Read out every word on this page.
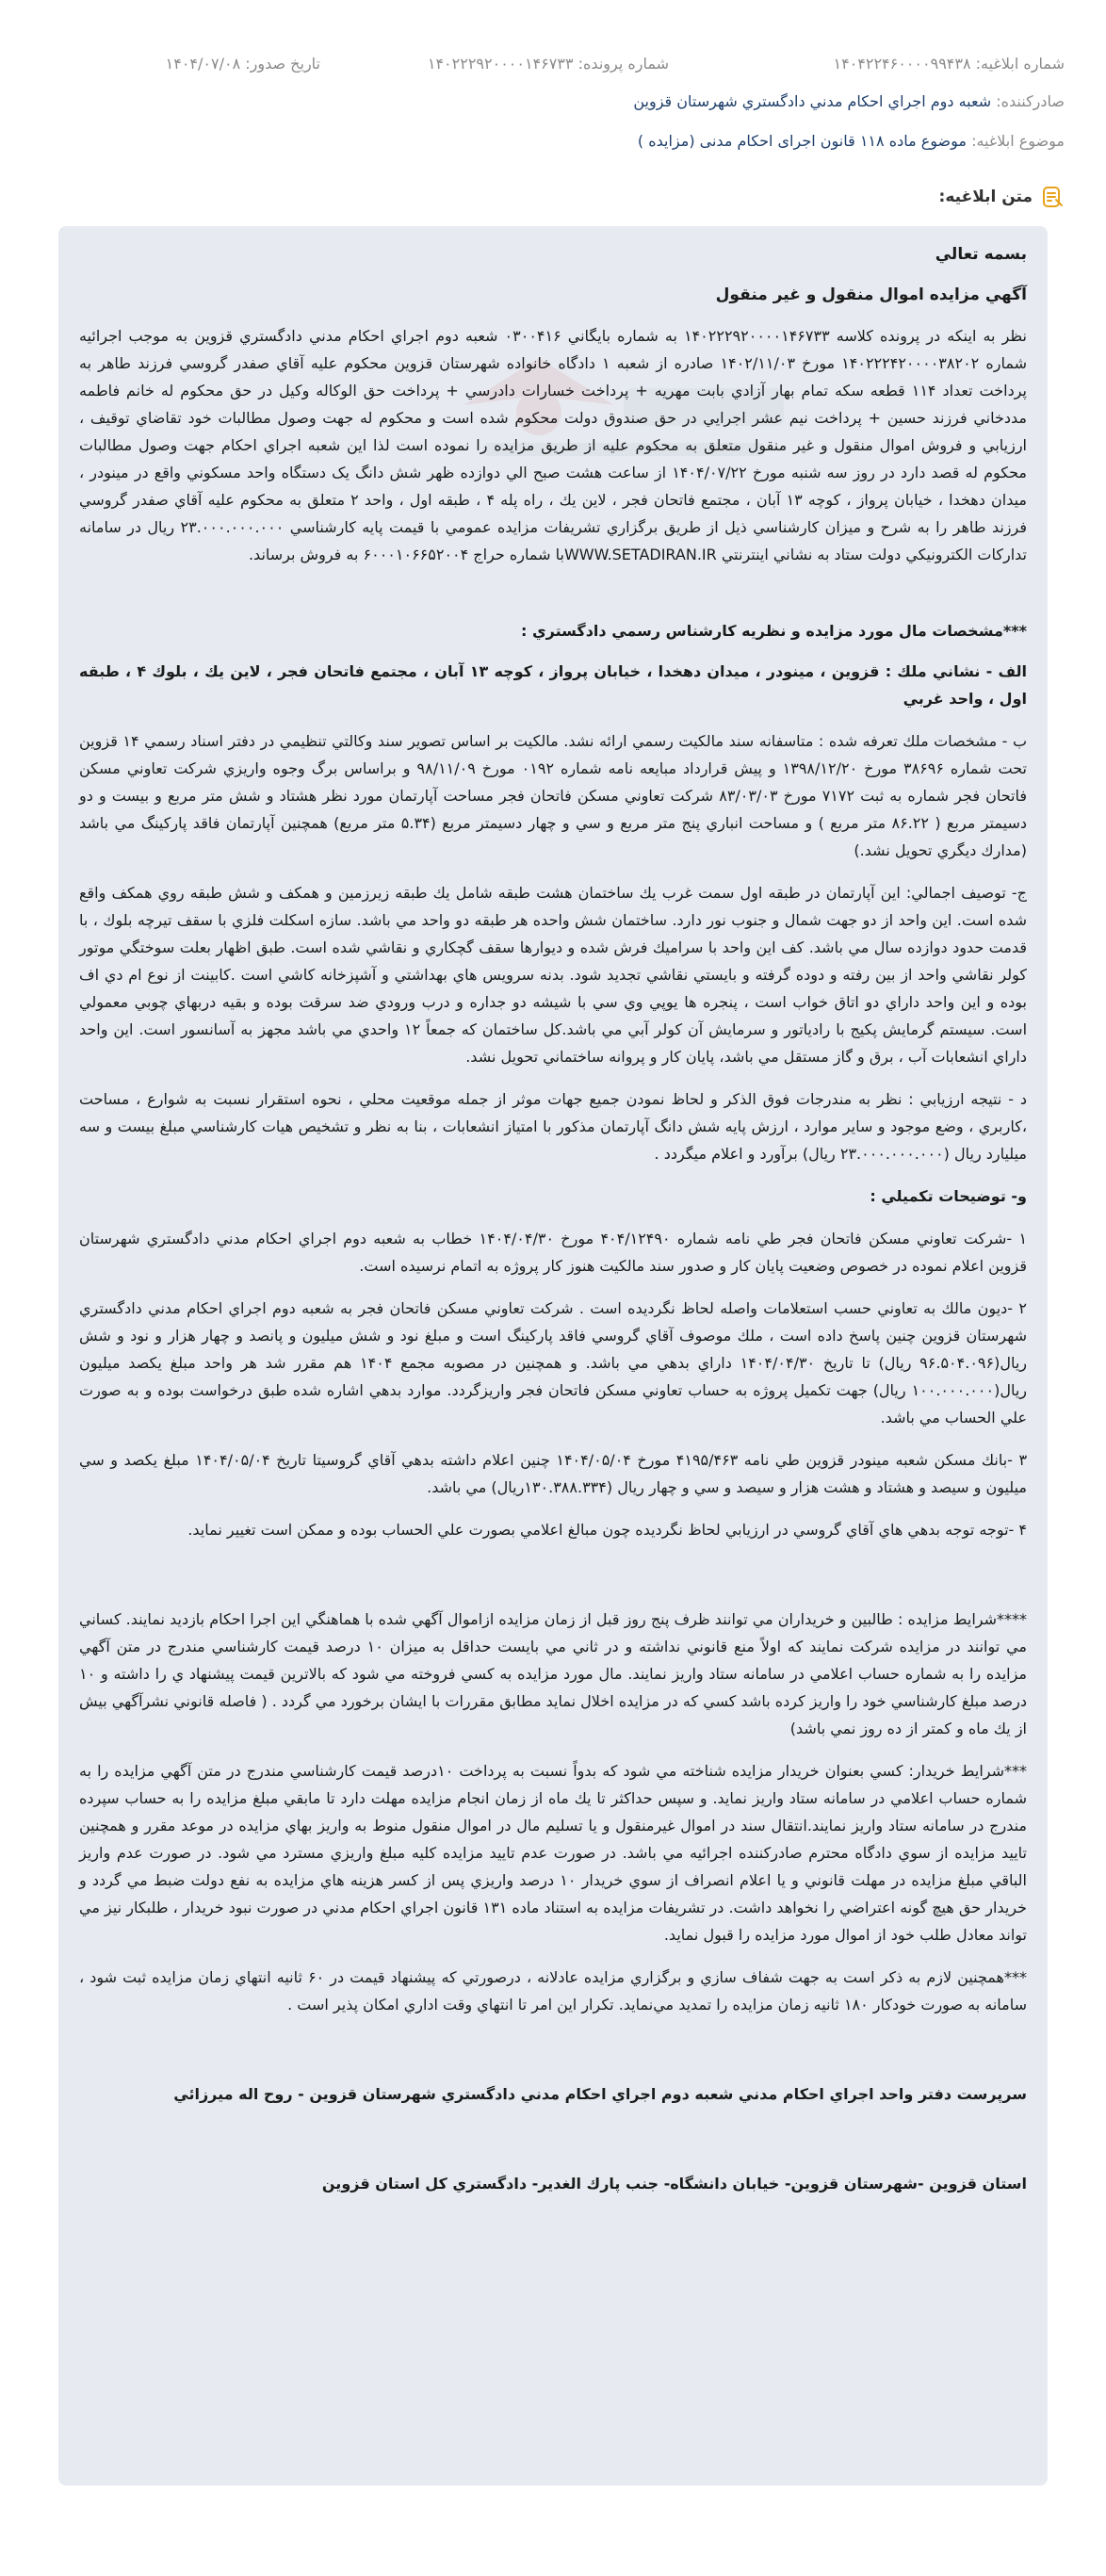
شماره ابلاغیه: ۱۴۰۴۲۲۴۶۰۰۰۰۹۹۴۳۸
شماره پرونده: ۱۴۰۲۲۲۹۲۰۰۰۰۱۴۶۷۳۳
تاریخ صدور: ۱۴۰۴/۰۷/۰۸
صادرکننده: شعبه دوم اجراي احكام مدني دادگستري شهرستان قزوين
موضوع ابلاغیه: موضوع ماده ۱۱۸ قانون اجرای احکام مدنی (مزایده )
متن ابلاغیه:

بسمه تعالي

آگهي مزايده اموال منقول و غير منقول

نظر به اينكه در پرونده كلاسه ۱۴۰۲۲۲۹۲۰۰۰۰۱۴۶۷۳۳ به شماره بايگاني ۰۳۰۰۴۱۶ شعبه دوم اجراي احكام مدني دادگستري قزوين به موجب اجرائيه شماره ۱۴۰۲۲۲۴۲۰۰۰۰۳۸۲۰۲ مورخ ۱۴۰۲/۱۱/۰۳ صادره از شعبه ۱ دادگاه خانواده شهرستان قزوين محكوم عليه آقاي صفدر گروسي فرزند طاهر به پرداخت تعداد ۱۱۴ قطعه سكه تمام بهار آزادي بابت مهريه + پرداخت خسارات دادرسي + پرداخت حق الوكاله وكيل در حق محكوم له خانم فاطمه مددخاني فرزند حسين + پرداخت نيم عشر اجرايي در حق صندوق دولت محكوم شده است و محكوم له جهت وصول مطالبات خود تقاضاي توقيف ، ارزيابي و فروش اموال منقول و غير منقول متعلق به محكوم عليه از طريق مزايده را نموده است لذا اين شعبه اجراي احكام جهت وصول مطالبات محكوم له قصد دارد در روز سه شنبه مورخ ۱۴۰۴/۰۷/۲۲ از ساعت هشت صبح الي دوازده ظهر شش دانگ يک دستگاه واحد مسكوني واقع در مينودر ، ميدان دهخدا ، خيابان پرواز ، كوچه ۱۳ آبان ، مجتمع فاتحان فجر ، لاين يك ، راه پله ۴ ، طبقه اول ، واحد ۲ متعلق به محكوم عليه آقاي صفدر گروسي فرزند طاهر را به شرح و ميزان كارشناسي ذيل از طريق برگزاري تشريفات مزايده عمومي با قيمت پايه كارشناسي ۲۳.۰۰۰.۰۰۰.۰۰۰ ريال در سامانه تداركات الكترونيكي دولت ستاد به نشاني اينترنتي WWW.SETADIRAN.IRبا شماره حراج ۶۰۰۰۱۰۶۶۵۲۰۰۴ به فروش برساند.

***مشخصات مال مورد مزايده و نظريه كارشناس رسمي دادگستري :

الف - نشاني ملك : قزوين ، مينودر ، ميدان دهخدا ، خيابان پرواز ، كوچه ۱۳ آبان ، مجتمع فاتحان فجر ، لاين يك ، بلوك ۴ ، طبقه اول ، واحد غربي

ب - مشخصات ملك تعرفه شده : متاسفانه سند مالكيت رسمي ارائه نشد. مالكيت بر اساس تصوير سند وكالتي تنظيمي در دفتر اسناد رسمي ۱۴ قزوين تحت شماره ۳۸۶۹۶ مورخ ۱۳۹۸/۱۲/۲۰ و پيش قرارداد مبايعه نامه شماره ۰۱۹۲ مورخ ۹۸/۱۱/۰۹ و براساس برگ وجوه واريزي شركت تعاوني مسكن فاتحان فجر شماره به ثبت ۷۱۷۲ مورخ ۸۳/۰۳/۰۳ شركت تعاوني مسكن فاتحان فجر مساحت آپارتمان مورد نظر هشتاد و شش متر مربع و بيست و دو دسيمتر مربع ( ۸۶.۲۲ متر مربع ) و مساحت انباري پنج متر مربع و سي و چهار دسيمتر مربع (۵.۳۴ متر مربع) همچنين آپارتمان فاقد پاركينگ مي باشد (مدارك ديگري تحويل نشد.)

ج- توصيف اجمالي: اين آپارتمان در طبقه اول سمت غرب يك ساختمان هشت طبقه شامل يك طبقه زيرزمين و همكف و شش طبقه روي همكف واقع شده است. اين واحد از دو جهت شمال و جنوب نور دارد. ساختمان شش واحده هر طبقه دو واحد مي باشد. سازه اسكلت فلزي با سقف تيرچه بلوك ، با قدمت حدود دوازده سال مي باشد. كف اين واحد با سراميك فرش شده و ديوارها سقف گچكاري و نقاشي شده است. طبق اظهار بعلت سوختگي موتور كولر نقاشي واحد از بين رفته و دوده گرفته و بايستي نقاشي تجديد شود. بدنه سرويس هاي بهداشتي و آشپزخانه كاشي است .كابينت از نوع ام دي اف بوده و اين واحد داراي دو اتاق خواب است ، پنجره ها يوپي وي سي با شيشه دو جداره و درب ورودي ضد سرقت بوده و بقيه دربهاي چوبي معمولي است. سيستم گرمايش پكيج با رادياتور و سرمايش آن كولر آبي مي باشد.كل ساختمان كه جمعاً ۱۲ واحدي مي باشد مجهز به آسانسور است. اين واحد داراي انشعابات آب ، برق و گاز مستقل مي باشد، پايان كار و پروانه ساختماني تحويل نشد.

د - نتيجه ارزيابي : نظر به مندرجات فوق الذكر و لحاظ نمودن جميع جهات موثر از جمله موقعيت محلي ، نحوه استقرار نسبت به شوارع ، مساحت ،كاربري ، وضع موجود و ساير موارد ، ارزش پايه شش دانگ آپارتمان مذكور با امتياز انشعابات ، بنا به نظر و تشخيص هيات كارشناسي مبلغ بيست و سه ميليارد ريال (۲۳.۰۰۰.۰۰۰.۰۰۰ ريال) برآورد و اعلام ميگردد .

و- توضيحات تكميلي :

۱ -شركت تعاوني مسكن فاتحان فجر طي نامه شماره ۴۰۴/۱۲۴۹۰ مورخ ۱۴۰۴/۰۴/۳۰ خطاب به شعبه دوم اجراي احكام مدني دادگستري شهرستان قزوين اعلام نموده در خصوص وضعيت پايان كار و صدور سند مالكيت هنوز كار پروژه به اتمام نرسيده است.

۲ -ديون مالك به تعاوني حسب استعلامات واصله لحاظ نگرديده است . شركت تعاوني مسكن فاتحان فجر به شعبه دوم اجراي احكام مدني دادگستري شهرستان قزوين چنين پاسخ داده است ، ملك موصوف آقاي گروسي فاقد پاركينگ است و مبلغ نود و شش ميليون و پانصد و چهار هزار و نود و شش ريال(۹۶.۵۰۴.۰۹۶ ريال) تا تاريخ ۱۴۰۴/۰۴/۳۰ داراي بدهي مي باشد. و همچنين در مصوبه مجمع ۱۴۰۴ هم مقرر شد هر واحد مبلغ يكصد ميليون ريال(۱۰۰.۰۰۰.۰۰۰ ريال) جهت تكميل پروژه به حساب تعاوني مسكن فاتحان فجر واريزگردد. موارد بدهي اشاره شده طبق درخواست بوده و به صورت علي الحساب مي باشد.

۳ -بانك مسكن شعبه مينودر قزوين طي نامه ۴۱۹۵/۴۶۳ مورخ ۱۴۰۴/۰۵/۰۴ چنين اعلام داشته بدهي آقاي گروسيتا تاريخ ۱۴۰۴/۰۵/۰۴ مبلغ يكصد و سي ميليون و سيصد و هشتاد و هشت هزار و سيصد و سي و چهار ريال (۱۳۰.۳۸۸.۳۳۴ريال) مي باشد.

۴ -توجه توجه بدهي هاي آقاي گروسي در ارزيابي لحاظ نگرديده چون مبالغ اعلامي بصورت علي الحساب بوده و ممكن است تغيير نمايد.

****شرايط مزايده : طالبين و خريداران مي توانند ظرف پنج روز قبل از زمان مزايده ازاموال آگهي شده با هماهنگي اين اجرا احكام بازديد نمايند. كساني مي توانند در مزايده شركت نمايند كه اولاً منع قانوني نداشته و در ثاني مي بايست حداقل به ميزان ۱۰ درصد قيمت كارشناسي مندرج در متن آگهي مزايده را به شماره حساب اعلامي در سامانه ستاد واريز نمايند. مال مورد مزايده به كسي فروخته مي شود كه بالاترين قيمت پيشنهاد ي را داشته و ۱۰ درصد مبلغ كارشناسي خود را واريز كرده باشد كسي كه در مزايده اخلال نمايد مطابق مقررات با ايشان برخورد مي گردد . ( فاصله قانوني نشرآگهي بيش از يك ماه و كمتر از ده روز نمي باشد)

***شرايط خريدار: كسي بعنوان خريدار مزايده شناخته مي شود كه بدواً نسبت به پرداخت ۱۰درصد قيمت كارشناسي مندرج در متن آگهي مزايده را به شماره حساب اعلامي در سامانه ستاد واريز نمايد. و سپس حداكثر تا يك ماه از زمان انجام مزايده مهلت دارد تا مابقي مبلغ مزايده را به حساب سپرده مندرج در سامانه ستاد واريز نمايند.انتقال سند در اموال غيرمنقول و يا تسليم مال در اموال منقول منوط به واريز بهاي مزايده در موعد مقرر و همچنين تاييد مزايده از سوي دادگاه محترم صادركننده اجرائيه مي باشد. در صورت عدم تاييد مزايده كليه مبلغ واريزي مسترد مي شود. در صورت عدم واريز الباقي مبلغ مزايده در مهلت قانوني و يا اعلام انصراف از سوي خريدار ۱۰ درصد واريزي پس از كسر هزينه هاي مزايده به نفع دولت ضبط مي گردد و خريدار حق هيچ گونه اعتراضي را نخواهد داشت. در تشريفات مزايده به استناد ماده ۱۳۱ قانون اجراي احكام مدني در صورت نبود خريدار ، طلبكار نيز مي تواند معادل طلب خود از اموال مورد مزايده را قبول نمايد.

***همچنين لازم به ذكر است به جهت شفاف سازي و برگزاري مزايده عادلانه ، درصورتي كه پيشنهاد قيمت در ۶۰ ثانيه انتهاي زمان مزايده ثبت شود ، سامانه به صورت خودكار ۱۸۰ ثانيه زمان مزايده را تمديد مي‌نمايد. تكرار اين امر تا انتهاي وقت اداري امكان پذير است .

سرپرست دفتر واحد اجراي احكام مدني شعبه دوم اجراي احكام مدني دادگستري شهرستان قزوين - روح اله ميرزائي

استان قزوين -شهرستان قزوين- خيابان دانشگاه- جنب پارك الغدير- دادگستري كل استان قزوين
